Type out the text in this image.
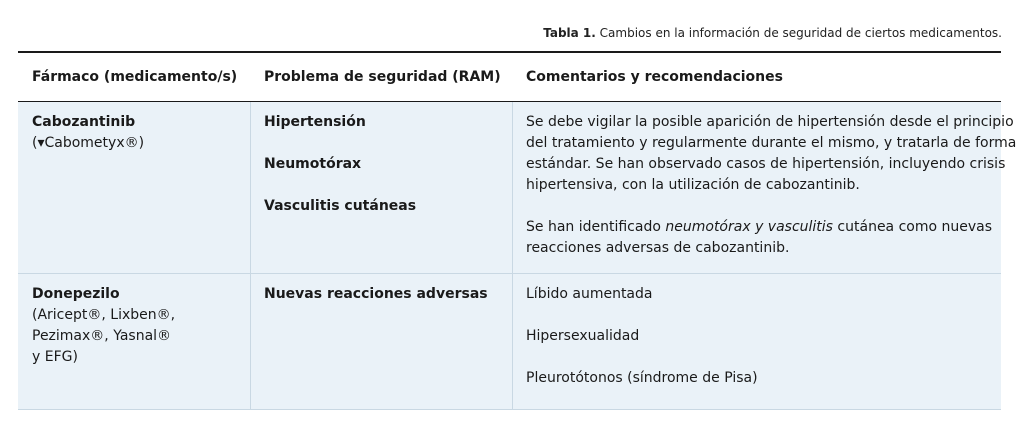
Tabla 1. Cambios en la información de seguridad de ciertos medicamentos.
Fármaco (medicamento/s) Problema de seguridad (RAM) Comentarios y recomendaciones
Cabozantinib
(▾Cabometyx®)
Hipertensión
Neumotórax
Vasculitis cutáneas
Se debe vigilar la posible aparición de hipertensión desde el principio
del tratamiento y regularmente durante el mismo, y tratarla de forma
estándar. Se han observado casos de hipertensión, incluyendo crisis
hipertensiva, con la utilización de cabozantinib.
Se han identificado neumotórax y vasculitis cutánea como nuevas
reacciones adversas de cabozantinib.
Donepezilo
(Aricept®, Lixben®,
Pezimax®, Yasnal®
y EFG)
Nuevas reacciones adversas	Líbido aumentada
Hipersexualidad
Pleurotótonos (síndrome de Pisa)
